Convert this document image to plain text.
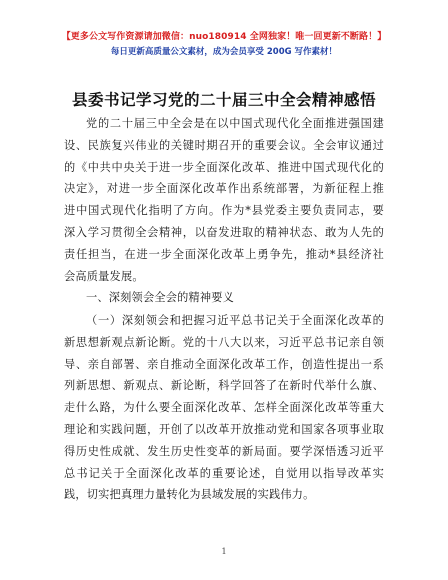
【更多公文写作资源请加微信：nuo180914 全网独家！唯一回更新不断路！】
每日更新高质量公文素材，成为会员享受 200G 写作素材！
县委书记学习党的二十届三中全会精神感悟
党的二十届三中全会是在以中国式现代化全面推进强国建
设、民族复兴伟业的关键时期召开的重要会议。全会审议通过
的《中共中央关于进一步全面深化改革、推进中国式现代化的
决定》，对进一步全面深化改革作出系统部署，为新征程上推
进中国式现代化指明了方向。作为*县党委主要负责同志，要
深入学习贯彻全会精神，以奋发进取的精神状态、敢为人先的
责任担当，在进一步全面深化改革上勇争先，推动*县经济社
会高质量发展。
一、深刻领会全会的精神要义
（一）深刻领会和把握习近平总书记关于全面深化改革的
新思想新观点新论断。党的十八大以来，习近平总书记亲自领
导、亲自部署、亲自推动全面深化改革工作，创造性提出一系
列新思想、新观点、新论断，科学回答了在新时代举什么旗、
走什么路，为什么要全面深化改革、怎样全面深化改革等重大
理论和实践问题，开创了以改革开放推动党和国家各项事业取
得历史性成就、发生历史性变革的新局面。要学深悟透习近平
总书记关于全面深化改革的重要论述，自觉用以指导改革实
践，切实把真理力量转化为县域发展的实践伟力。
1
